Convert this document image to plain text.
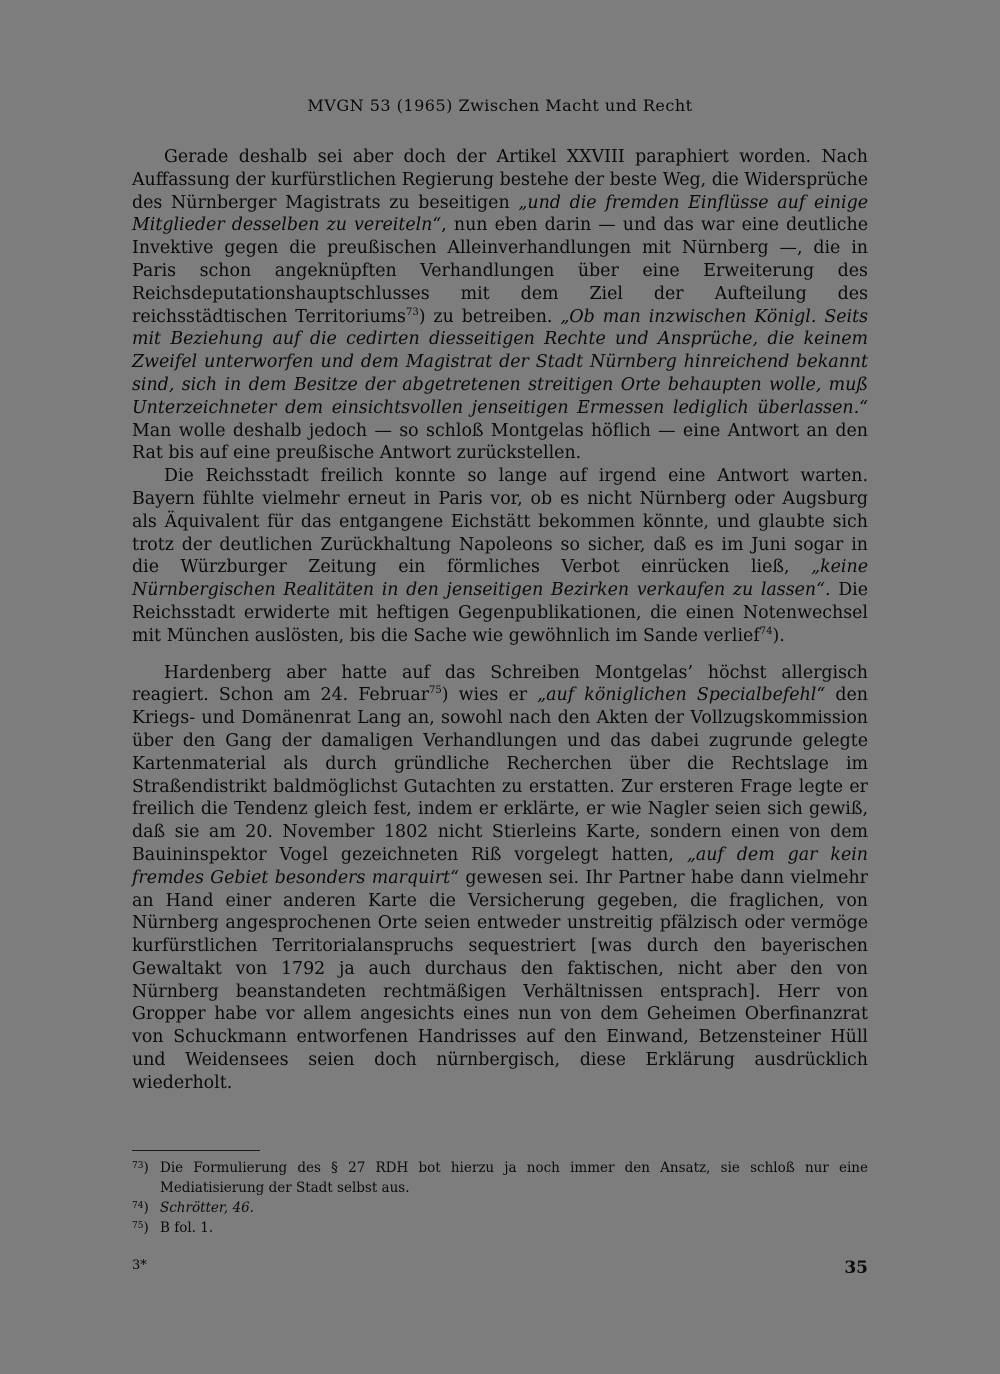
MVGN 53 (1965) Zwischen Macht und Recht

Gerade deshalb sei aber doch der Artikel XXVIII paraphiert worden. Nach Auffassung der kurfürstlichen Regierung bestehe der beste Weg, die Widersprüche des Nürnberger Magistrats zu beseitigen „und die fremden Einflüsse auf einige Mitglieder desselben zu vereiteln“, nun eben darin — und das war eine deutliche Invektive gegen die preußischen Alleinverhandlungen mit Nürnberg —, die in Paris schon angeknüpften Verhandlungen über eine Erweiterung des Reichsdeputationshauptschlusses mit dem Ziel der Aufteilung des reichsstädtischen Territoriums$^{73}$) zu betreiben. „Ob man inzwischen Königl. Seits mit Beziehung auf die cedirten diesseitigen Rechte und Ansprüche, die keinem Zweifel unterworfen und dem Magistrat der Stadt Nürnberg hinreichend bekannt sind, sich in dem Besitze der abgetretenen streitigen Orte behaupten wolle, muß Unterzeichneter dem einsichtsvollen jenseitigen Ermessen lediglich überlassen.“ Man wolle deshalb jedoch — so schloß Montgelas höflich — eine Antwort an den Rat bis auf eine preußische Antwort zurückstellen.

Die Reichsstadt freilich konnte so lange auf irgend eine Antwort warten. Bayern fühlte vielmehr erneut in Paris vor, ob es nicht Nürnberg oder Augsburg als Äquivalent für das entgangene Eichstätt bekommen könnte, und glaubte sich trotz der deutlichen Zurückhaltung Napoleons so sicher, daß es im Juni sogar in die Würzburger Zeitung ein förmliches Verbot einrücken ließ, „keine Nürnbergischen Realitäten in den jenseitigen Bezirken verkaufen zu lassen“. Die Reichsstadt erwiderte mit heftigen Gegenpublikationen, die einen Notenwechsel mit München auslösten, bis die Sache wie gewöhnlich im Sande verlief$^{74}$).

Hardenberg aber hatte auf das Schreiben Montgelas’ höchst allergisch reagiert. Schon am 24. Februar$^{75}$) wies er „auf königlichen Specialbefehl“ den Kriegs- und Domänenrat Lang an, sowohl nach den Akten der Vollzugskommission über den Gang der damaligen Verhandlungen und das dabei zugrunde gelegte Kartenmaterial als durch gründliche Recherchen über die Rechtslage im Straßendistrikt baldmöglichst Gutachten zu erstatten. Zur ersteren Frage legte er freilich die Tendenz gleich fest, indem er erklärte, er wie Nagler seien sich gewiß, daß sie am 20. November 1802 nicht Stierleins Karte, sondern einen von dem Bauininspektor Vogel gezeichneten Riß vorgelegt hatten, „auf dem gar kein fremdes Gebiet besonders marquirt“ gewesen sei. Ihr Partner habe dann vielmehr an Hand einer anderen Karte die Versicherung gegeben, die fraglichen, von Nürnberg angesprochenen Orte seien entweder unstreitig pfälzisch oder vermöge kurfürstlichen Territorialanspruchs sequestriert [was durch den bayerischen Gewaltakt von 1792 ja auch durchaus den faktischen, nicht aber den von Nürnberg beanstandeten rechtmäßigen Verhältnissen entsprach]. Herr von Gropper habe vor allem angesichts eines nun von dem Geheimen Oberfinanzrat von Schuckmann entworfenen Handrisses auf den Einwand, Betzensteiner Hüll und Weidensees seien doch nürnbergisch, diese Erklärung ausdrücklich wiederholt.

$^{73}$) Die Formulierung des § 27 RDH bot hierzu ja noch immer den Ansatz, sie schloß nur eine Mediatisierung der Stadt selbst aus.
$^{74}$) Schrötter, 46.
$^{75}$) B fol. 1.
3*	35
